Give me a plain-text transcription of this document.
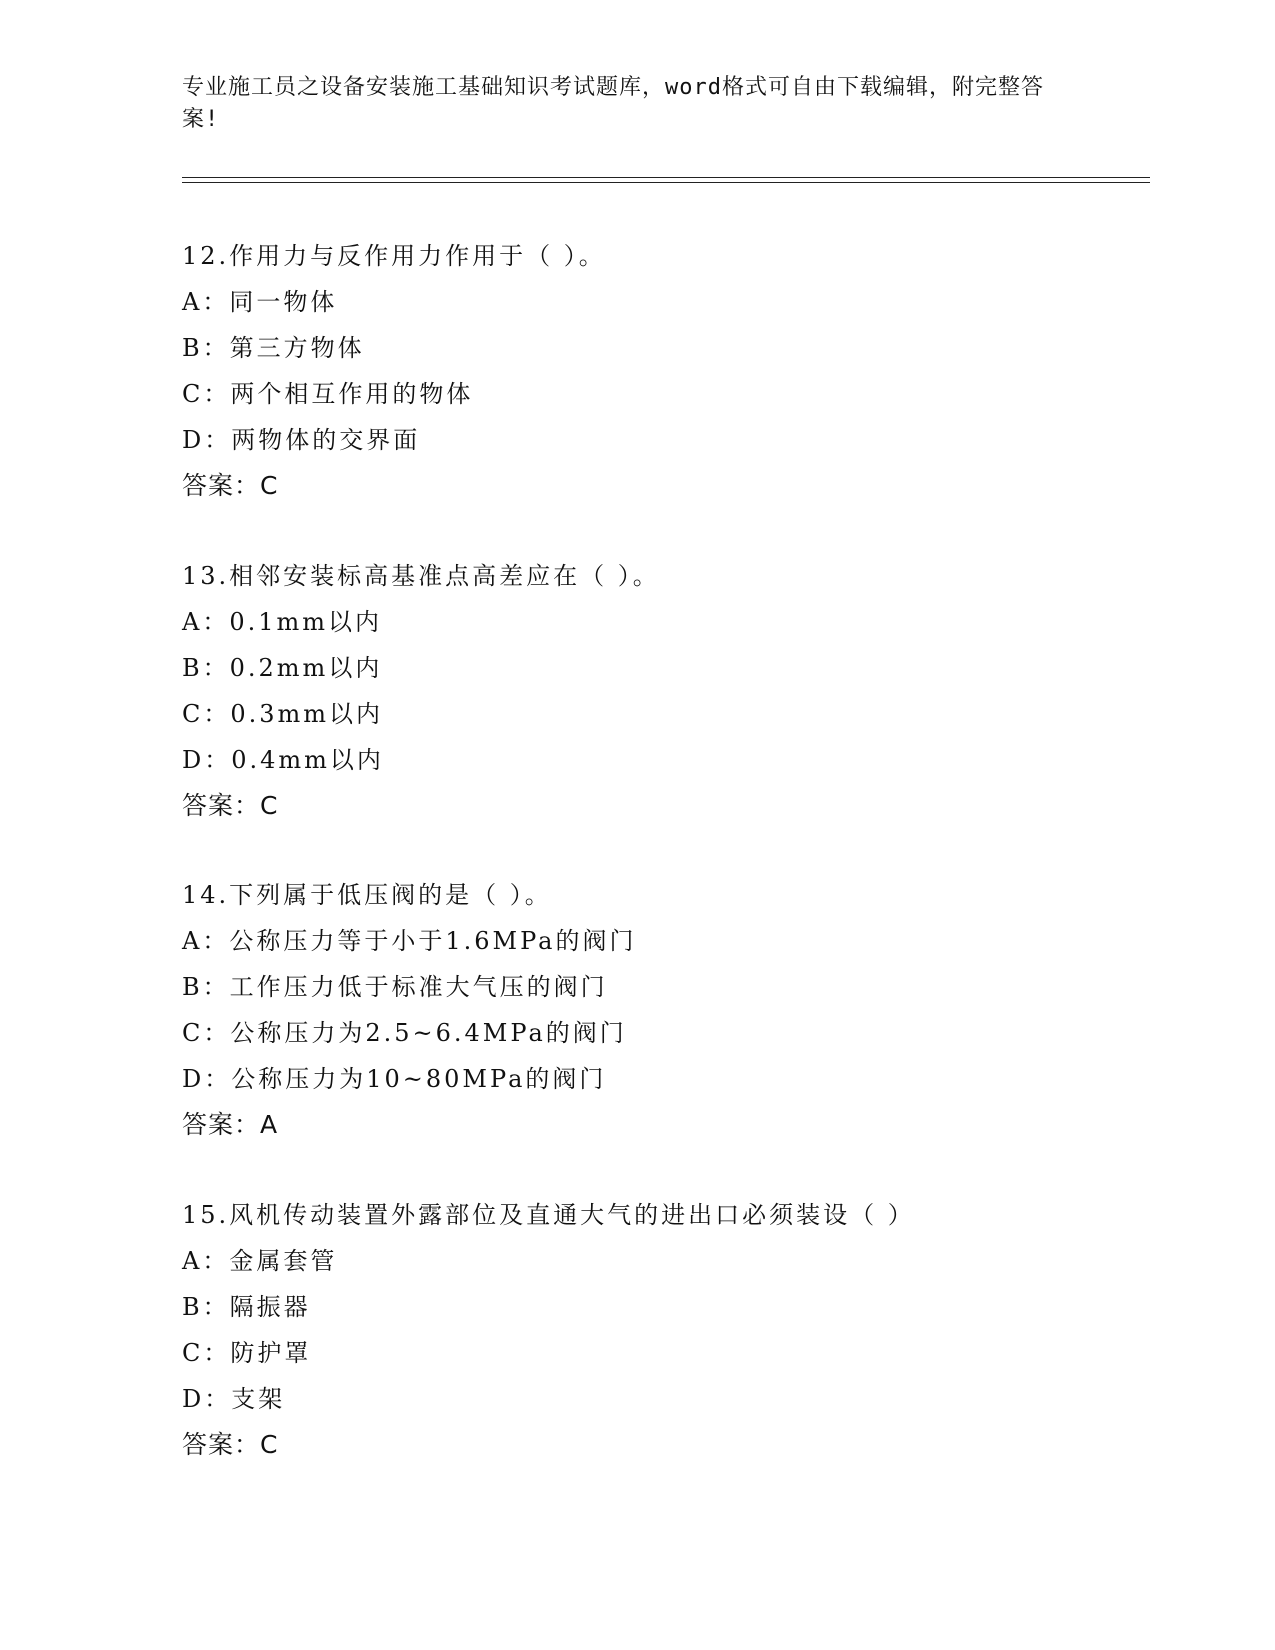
专业施工员之设备安装施工基础知识考试题库，word格式可自由下载编辑，附完整答案!
12.作用力与反作用力作用于（ ）。
A：同一物体
B：第三方物体
C：两个相互作用的物体
D：两物体的交界面
答案：C
13.相邻安装标高基准点高差应在（ ）。
A：0.1mm以内
B：0.2mm以内
C：0.3mm以内
D：0.4mm以内
答案：C
14.下列属于低压阀的是（ ）。
A：公称压力等于小于1.6MPa的阀门
B：工作压力低于标准大气压的阀门
C：公称压力为2.5~6.4MPa的阀门
D：公称压力为10~80MPa的阀门
答案：A
15.风机传动装置外露部位及直通大气的进出口必须装设（ ）
A：金属套管
B：隔振器
C：防护罩
D：支架
答案：C
